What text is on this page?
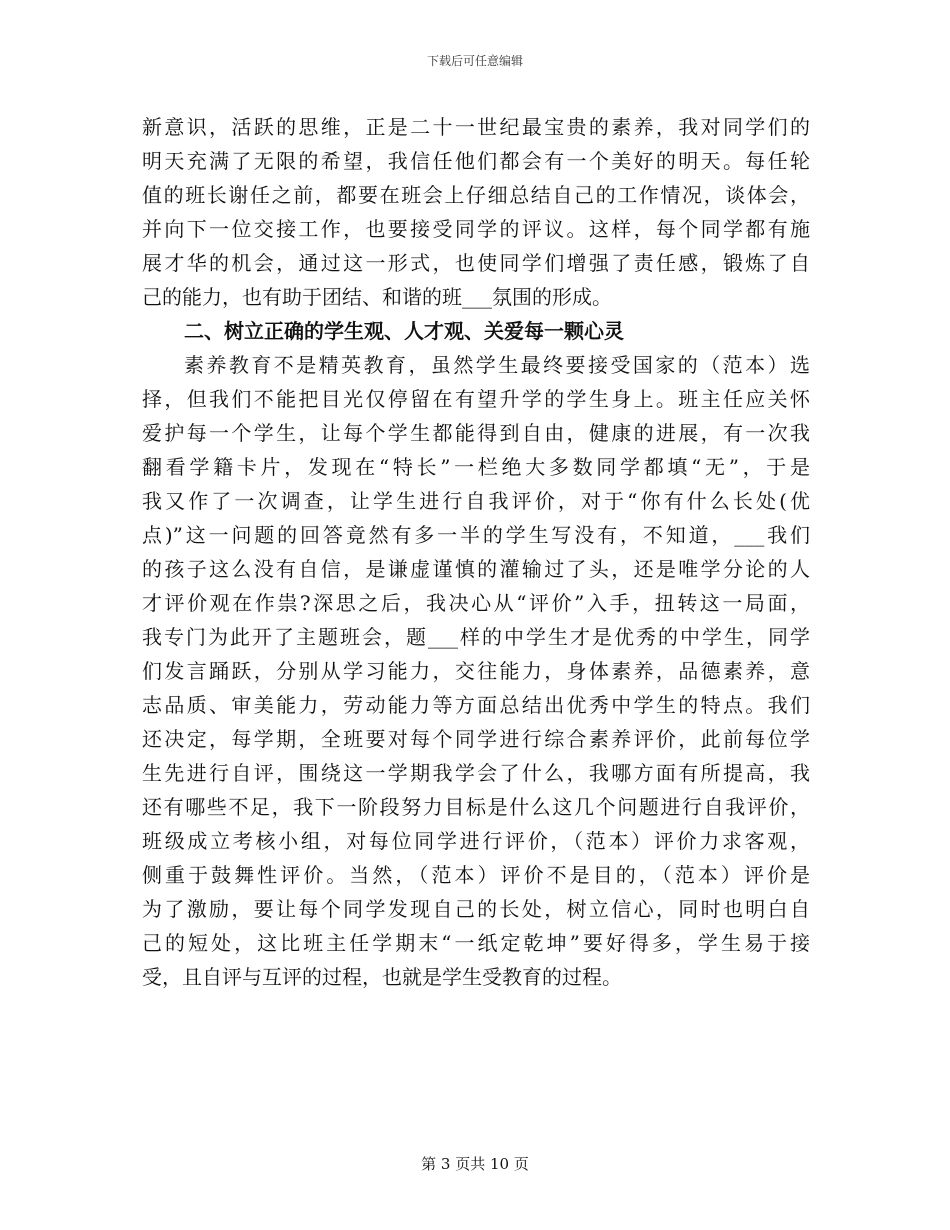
下载后可任意编辑
新意识，活跃的思维，正是二十一世纪最宝贵的素养，我对同学们的
明天充满了无限的希望，我信任他们都会有一个美好的明天。每任轮
值的班长谢任之前，都要在班会上仔细总结自己的工作情况，谈体会，
并向下一位交接工作，也要接受同学的评议。这样，每个同学都有施
展才华的机会，通过这一形式，也使同学们增强了责任感，锻炼了自
己的能力，也有助于团结、和谐的班___氛围的形成。
二、树立正确的学生观、人才观、关爱每一颗心灵
素养教育不是精英教育，虽然学生最终要接受国家的（范本）选
择，但我们不能把目光仅停留在有望升学的学生身上。班主任应关怀
爱护每一个学生，让每个学生都能得到自由，健康的进展，有一次我
翻看学籍卡片，发现在“特长”一栏绝大多数同学都填“无”，于是
我又作了一次调查，让学生进行自我评价，对于“你有什么长处(优
点)”这一问题的回答竟然有多一半的学生写没有，不知道，___我们
的孩子这么没有自信，是谦虚谨慎的灌输过了头，还是唯学分论的人
才评价观在作祟?深思之后，我决心从“评价”入手，扭转这一局面，
我专门为此开了主题班会，题___样的中学生才是优秀的中学生，同学
们发言踊跃，分别从学习能力，交往能力，身体素养，品德素养，意
志品质、审美能力，劳动能力等方面总结出优秀中学生的特点。我们
还决定，每学期，全班要对每个同学进行综合素养评价，此前每位学
生先进行自评，围绕这一学期我学会了什么，我哪方面有所提高，我
还有哪些不足，我下一阶段努力目标是什么这几个问题进行自我评价，
班级成立考核小组，对每位同学进行评价，（范本）评价力求客观，
侧重于鼓舞性评价。当然，（范本）评价不是目的，（范本）评价是
为了激励，要让每个同学发现自己的长处，树立信心，同时也明白自
己的短处，这比班主任学期末“一纸定乾坤”要好得多，学生易于接
受，且自评与互评的过程，也就是学生受教育的过程。
第 3 页共 10 页
